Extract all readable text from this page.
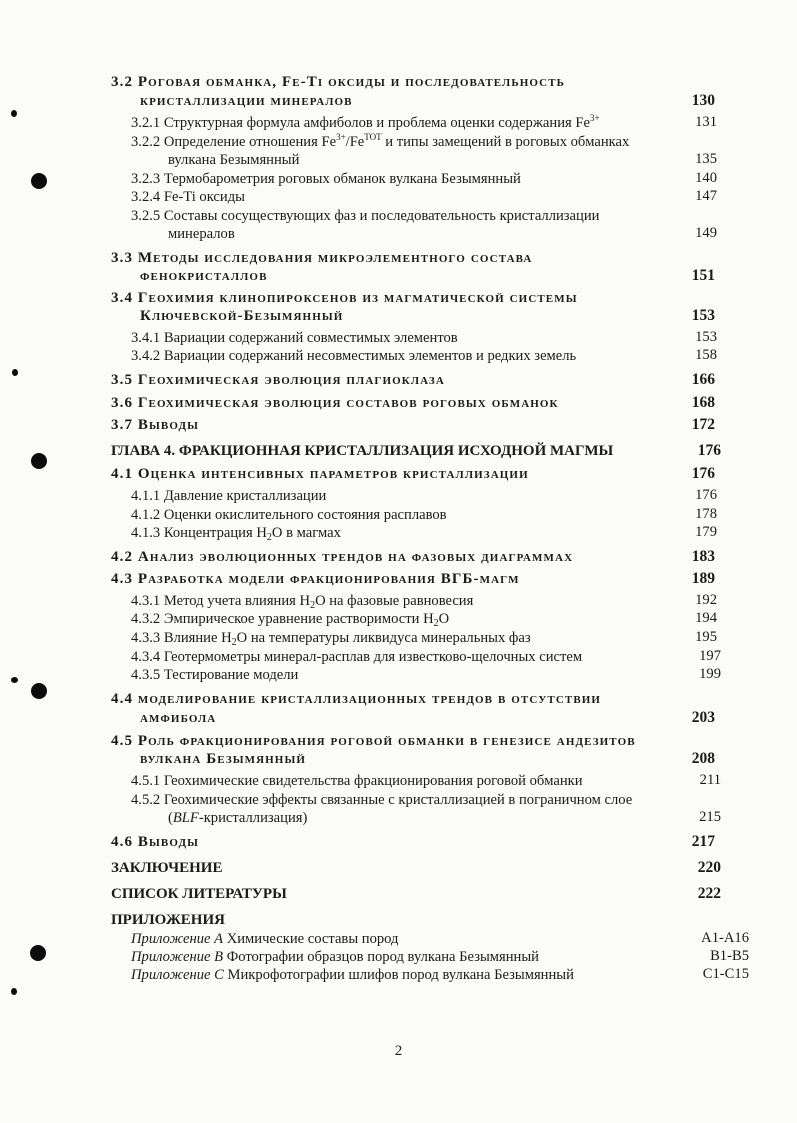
3.2 Роговая обманка, Fe-Ti оксиды и последовательность
кристаллизации минералов	130
3.2.1 Структурная формула амфиболов и проблема оценки содержания $Fe^{3+}$	131
3.2.2 Определение отношения $Fe^{3+}/Fe^{TOT}$ и типы замещений в роговых обманках
вулкана Безымянный	135
3.2.3 Термобарометрия роговых обманок вулкана Безымянный	140
3.2.4 Fe-Ti оксиды	147
3.2.5 Составы сосуществующих фаз и последовательность кристаллизации
минералов	149
3.3 Методы исследования микроэлементного состава
фенокристаллов	151
3.4 Геохимия клинопироксенов из магматической системы
Ключевской-Безымянный	153
3.4.1 Вариации содержаний совместимых элементов	153
3.4.2 Вариации содержаний несовместимых элементов и редких земель	158
3.5 Геохимическая эволюция плагиоклаза	166
3.6 Геохимическая эволюция составов роговых обманок	168
3.7 Выводы	172
ГЛАВА 4. ФРАКЦИОННАЯ КРИСТАЛЛИЗАЦИЯ ИСХОДНОЙ МАГМЫ	176
4.1 Оценка интенсивных параметров кристаллизации	176
4.1.1 Давление кристаллизации	176
4.1.2 Оценки окислительного состояния расплавов	178
4.1.3 Концентрация $H_2O$ в магмах	179
4.2 Анализ эволюционных трендов на фазовых диаграммах	183
4.3 Разработка модели фракционирования ВГБ-магм	189
4.3.1 Метод учета влияния $H_2O$ на фазовые равновесия	192
4.3.2 Эмпирическое уравнение растворимости $H_2O$	194
4.3.3 Влияние $H_2O$ на температуры ликвидуса минеральных фаз	195
4.3.4 Геотермометры минерал-расплав для известково-щелочных систем	197
4.3.5 Тестирование модели	199
4.4 моделирование кристаллизационных трендов в отсутствии
амфибола	203
4.5 Роль фракционирования роговой обманки в генезисе андезитов
вулкана Безымянный	208
4.5.1 Геохимические свидетельства фракционирования роговой обманки	211
4.5.2 Геохимические эффекты связанные с кристаллизацией в пограничном слое
(BLF-кристаллизация)	215
4.6 Выводы	217
ЗАКЛЮЧЕНИЕ	220
СПИСОК ЛИТЕРАТУРЫ	222
ПРИЛОЖЕНИЯ
Приложение A Химические составы пород	A1-A16
Приложение B Фотографии образцов пород вулкана Безымянный	B1-B5
Приложение C Микрофотографии шлифов пород вулкана Безымянный	C1-C15
2
